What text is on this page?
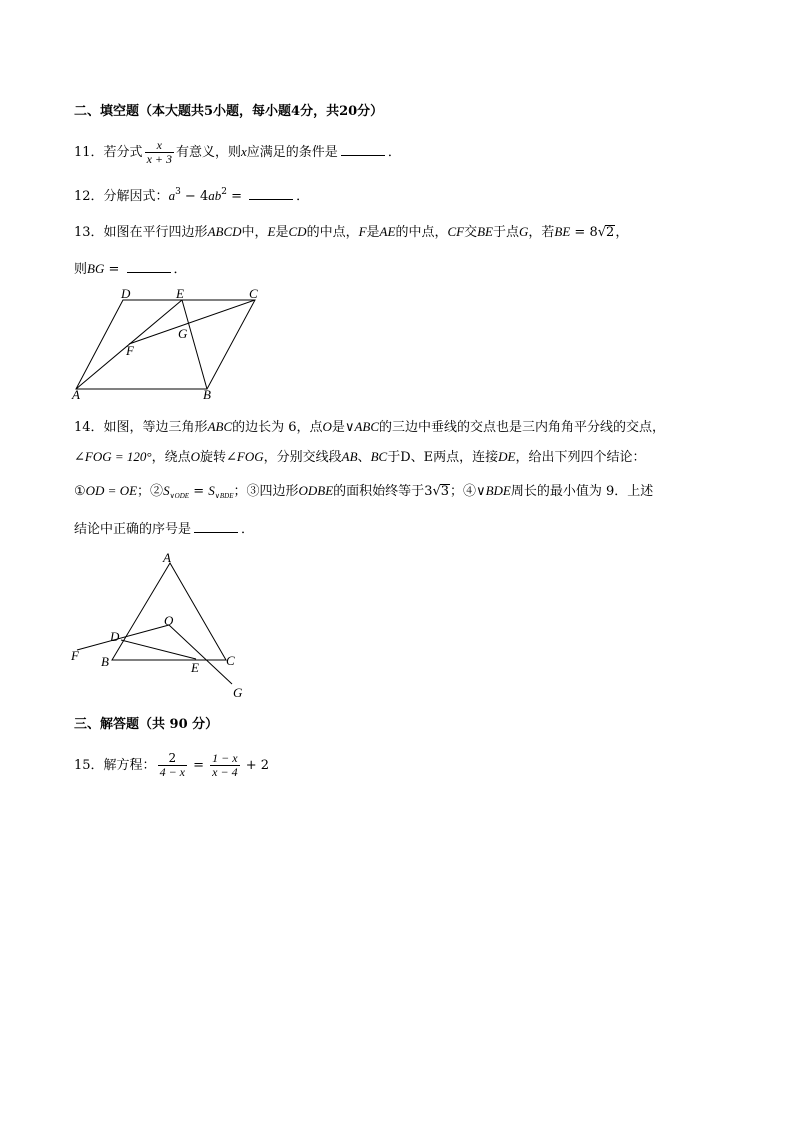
二、填空题（本大题共5小题，每小题4分，共20分）
11．若分式 $\frac{x}{x + 3}$ 有意义，则x应满足的条件是	．
12．分解因式：$a^3 - 4ab^2$ =	．
13．如图在平行四边形ABCD中，E是CD的中点，F是AE的中点，CF交BE于点G，若BE = 8√2，
则BG =	．
D	E	C
F
G
A	B
14．如图，等边三角形ABC的边长为 6，点O是∨ABC的三边中垂线的交点也是三内角角平分线的交点，
∠FOG = 120°，绕点O旋转∠FOG，分别交线段AB、BC于D、E两点，连接DE，给出下列四个结论：
①OD = OE；$②S_{\vee ODE} = S_{\vee BDE}$；③四边形ODBE的面积始终等于3√3；④∨BDE周长的最小值为 9．上述
结论中正确的序号是	．
A
O
D
F B	E C
G
三、解答题（共 90 分）
15．解方程： $\frac{2}{4 - x} = \frac{1 - x}{x - 4} + 2$
